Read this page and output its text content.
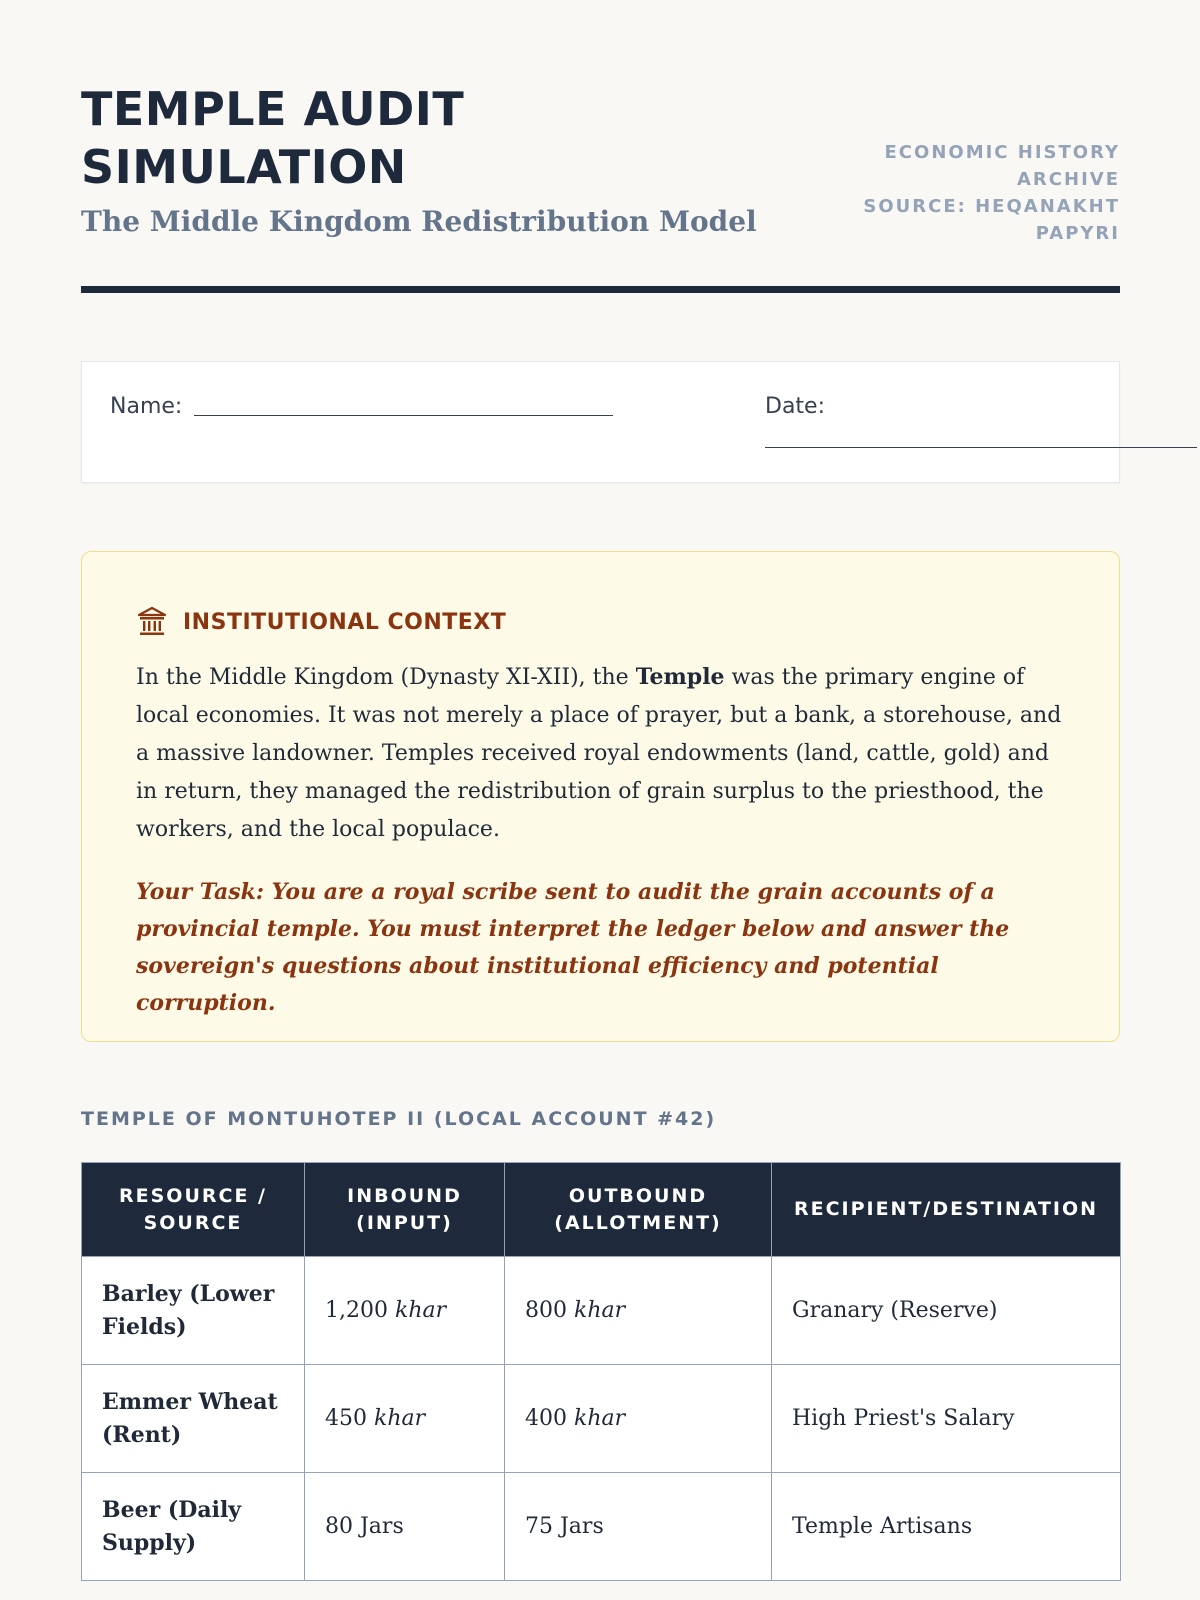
TEMPLE AUDIT SIMULATION
The Middle Kingdom Redistribution Model
ECONOMIC HISTORY ARCHIVE
SOURCE: HEQANAKHT PAPYRI
Name:	Date:
INSTITUTIONAL CONTEXT

In the Middle Kingdom (Dynasty XI-XII), the Temple was the primary engine of local economies. It was not merely a place of prayer, but a bank, a storehouse, and a massive landowner. Temples received royal endowments (land, cattle, gold) and in return, they managed the redistribution of grain surplus to the priesthood, the workers, and the local populace.

Your Task: You are a royal scribe sent to audit the grain accounts of a provincial temple. You must interpret the ledger below and answer the sovereign's questions about institutional efficiency and potential corruption.

TEMPLE OF MONTUHOTEP II (LOCAL ACCOUNT #42)
RESOURCE / SOURCE	INBOUND (INPUT)	OUTBOUND (ALLOTMENT)	RECIPIENT/DESTINATION
Barley (Lower Fields)	1,200 khar	800 khar	Granary (Reserve)
Emmer Wheat (Rent)	450 khar	400 khar	High Priest's Salary
Beer (Daily Supply)	80 Jars	75 Jars	Temple Artisans
